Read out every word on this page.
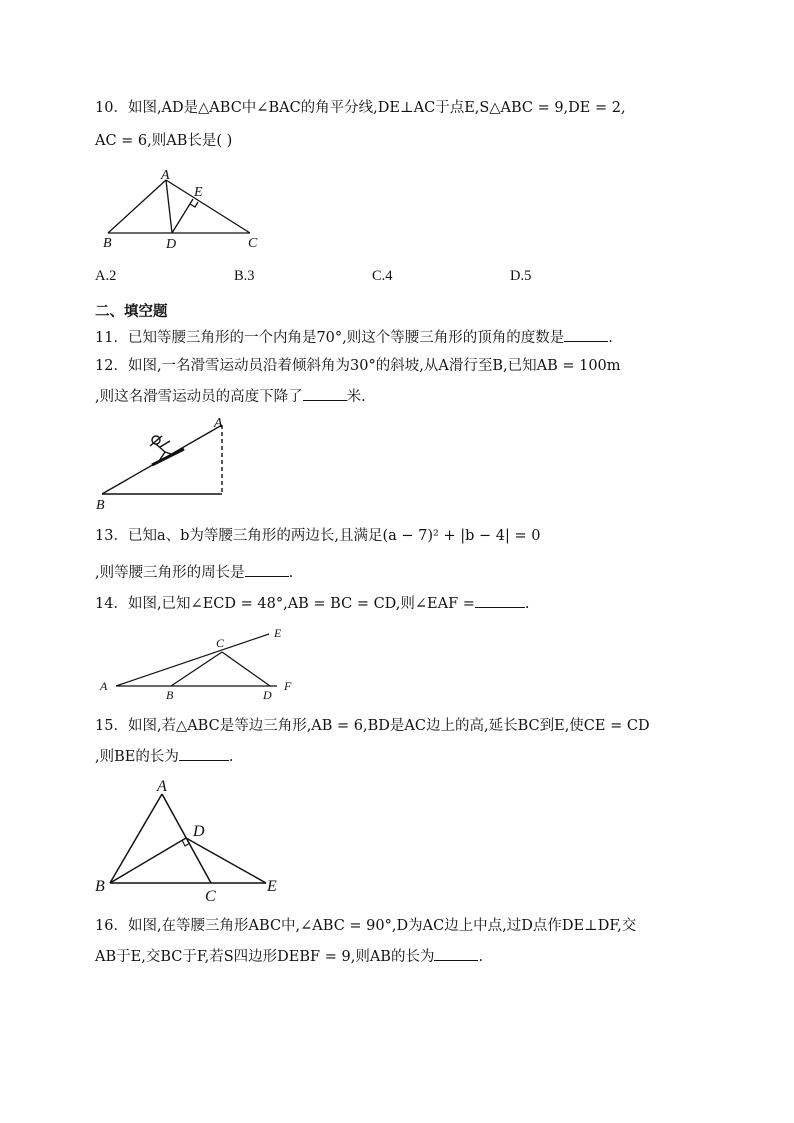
10．如图,AD是△ABC中∠BAC的角平分线,DE⊥AC于点E,S△ABC = 9,DE = 2,
AC = 6,则AB长是( )
A
E
B	D	C
A
B
A
B
C
D
E
F
A
D
B
C
E
A.2	B.3	C.4	D.5
二、填空题
11．已知等腰三角形的一个内角是70°,则这个等腰三角形的顶角的度数是	.
12．如图,一名滑雪运动员沿着倾斜角为30°的斜坡,从A滑行至B,已知AB = 100m
,则这名滑雪运动员的高度下降了	米.
13．已知a、b为等腰三角形的两边长,且满足(a − 7)² + |b − 4| = 0
,则等腰三角形的周长是	.
14．如图,已知∠ECD = 48°,AB = BC = CD,则∠EAF =	.
15．如图,若△ABC是等边三角形,AB = 6,BD是AC边上的高,延长BC到E,使CE = CD
,则BE的长为	.
16．如图,在等腰三角形ABC中,∠ABC = 90°,D为AC边上中点,过D点作DE⊥DF,交
AB于E,交BC于F,若S四边形DEBF = 9,则AB的长为	.
